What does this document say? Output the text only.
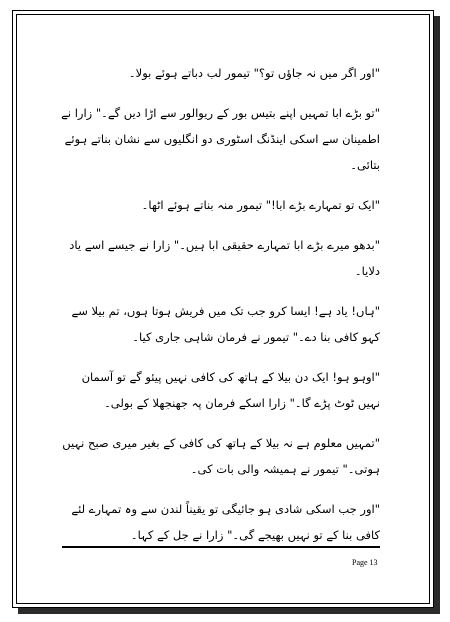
"اور اگر میں نہ جاؤں تو؟" تیمور لب دباتے ہوئے بولا۔

"تو بڑے ابا تمہیں اپنے بتیس بور کے ریوالور سے اڑا دیں گے۔" زارا نے اطمینان سے اسکی اینڈنگ اسٹوری دو انگلیوں سے نشان بناتے ہوئے بتائی۔

"ایک تو تمہارے بڑے ابا!" تیمور منہ بناتے ہوئے اٹھا۔

"بدھو میرے بڑے ابا تمہارے حقیقی ابا ہیں۔" زارا نے جیسے اسے یاد دلایا۔

"ہاں! یاد ہے! ایسا کرو جب تک میں فریش ہوتا ہوں، تم بیلا سے کہو کافی بنا دے۔" تیمور نے فرمان شاہی جاری کیا۔

"اوہو ہو! ایک دن بیلا کے ہاتھ کی کافی نہیں پیئو گے تو آسمان نہیں ٹوٹ پڑے گا۔" زارا اسکے فرمان پہ جھنجھلا کے بولی۔

"تمہیں معلوم ہے نہ بیلا کے ہاتھ کی کافی کے بغیر میری صبح نہیں ہوتی۔" تیمور نے ہمیشہ والی بات کی۔

"اور جب اسکی شادی ہو جائیگی تو یقیناً لندن سے وہ تمہارے لئے کافی بنا کے تو نہیں بھیجے گی۔" زارا نے جل کے کہا۔

Page 13
